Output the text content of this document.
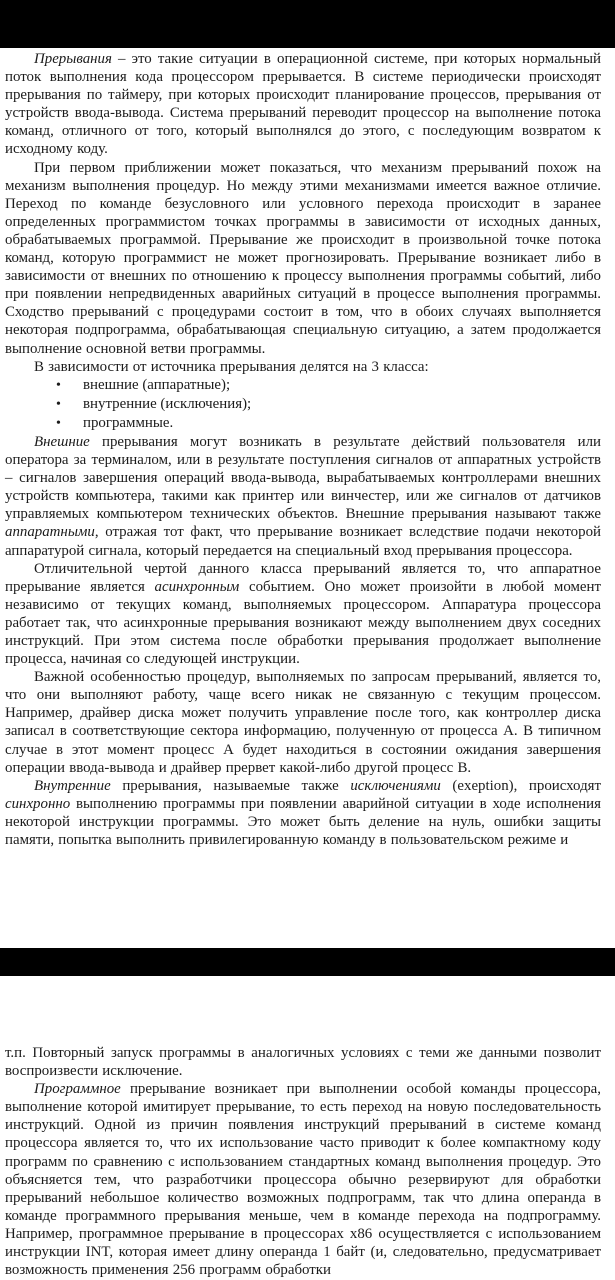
Прерывания – это такие ситуации в операционной системе, при которых нормальный поток выполнения кода процессором прерывается. В системе периодически происходят прерывания по таймеру, при которых происходит планирование процессов, прерывания от устройств ввода-вывода. Система прерываний переводит процессор на выполнение потока команд, отличного от того, который выполнялся до этого, с последующим возвратом к исходному коду.

При первом приближении может показаться, что механизм прерываний похож на механизм выполнения процедур. Но между этими механизмами имеется важное отличие. Переход по команде безусловного или условного перехода происходит в заранее определенных программистом точках программы в зависимости от исходных данных, обрабатываемых программой. Прерывание же происходит в произвольной точке потока команд, которую программист не может прогнозировать. Прерывание возникает либо в зависимости от внешних по отношению к процессу выполнения программы событий, либо при появлении непредвиденных аварийных ситуаций в процессе выполнения программы. Сходство прерываний с процедурами состоит в том, что в обоих случаях выполняется некоторая подпрограмма, обрабатывающая специальную ситуацию, а затем продолжается выполнение основной ветви программы.

В зависимости от источника прерывания делятся на 3 класса:

• внешние (аппаратные);
• внутренние (исключения);
• программные.

Внешние прерывания могут возникать в результате действий пользователя или оператора за терминалом, или в результате поступления сигналов от аппаратных устройств – сигналов завершения операций ввода-вывода, вырабатываемых контроллерами внешних устройств компьютера, такими как принтер или винчестер, или же сигналов от датчиков управляемых компьютером технических объектов. Внешние прерывания называют также аппаратными, отражая тот факт, что прерывание возникает вследствие подачи некоторой аппаратурой сигнала, который передается на специальный вход прерывания процессора.

Отличительной чертой данного класса прерываний является то, что аппаратное прерывание является асинхронным событием. Оно может произойти в любой момент независимо от текущих команд, выполняемых процессором. Аппаратура процессора работает так, что асинхронные прерывания возникают между выполнением двух соседних инструкций. При этом система после обработки прерывания продолжает выполнение процесса, начиная со следующей инструкции.

Важной особенностью процедур, выполняемых по запросам прерываний, является то, что они выполняют работу, чаще всего никак не связанную с текущим процессом. Например, драйвер диска может получить управление после того, как контроллер диска записал в соответствующие сектора информацию, полученную от процесса А. В типичном случае в этот момент процесс А будет находиться в состоянии ожидания завершения операции ввода-вывода и драйвер прервет какой-либо другой процесс В.

Внутренние прерывания, называемые также исключениями (exeption), происходят синхронно выполнению программы при появлении аварийной ситуации в ходе исполнения некоторой инструкции программы. Это может быть деление на нуль, ошибки защиты памяти, попытка выполнить привилегированную команду в пользовательском режиме и

т.п. Повторный запуск программы в аналогичных условиях с теми же данными позволит воспроизвести исключение.

Программное прерывание возникает при выполнении особой команды процессора, выполнение которой имитирует прерывание, то есть переход на новую последовательность инструкций. Одной из причин появления инструкций прерываний в системе команд процессора является то, что их использование часто приводит к более компактному коду программ по сравнению с использованием стандартных команд выполнения процедур. Это объясняется тем, что разработчики процессора обычно резервируют для обработки прерываний небольшое количество возможных подпрограмм, так что длина операнда в команде программного прерывания меньше, чем в команде перехода на подпрограмму. Например, программное прерывание в процессорах x86 осуществляется с использованием инструкции INT, которая имеет длину операнда 1 байт (и, следовательно, предусматривает возможность применения 256 программ обработки
